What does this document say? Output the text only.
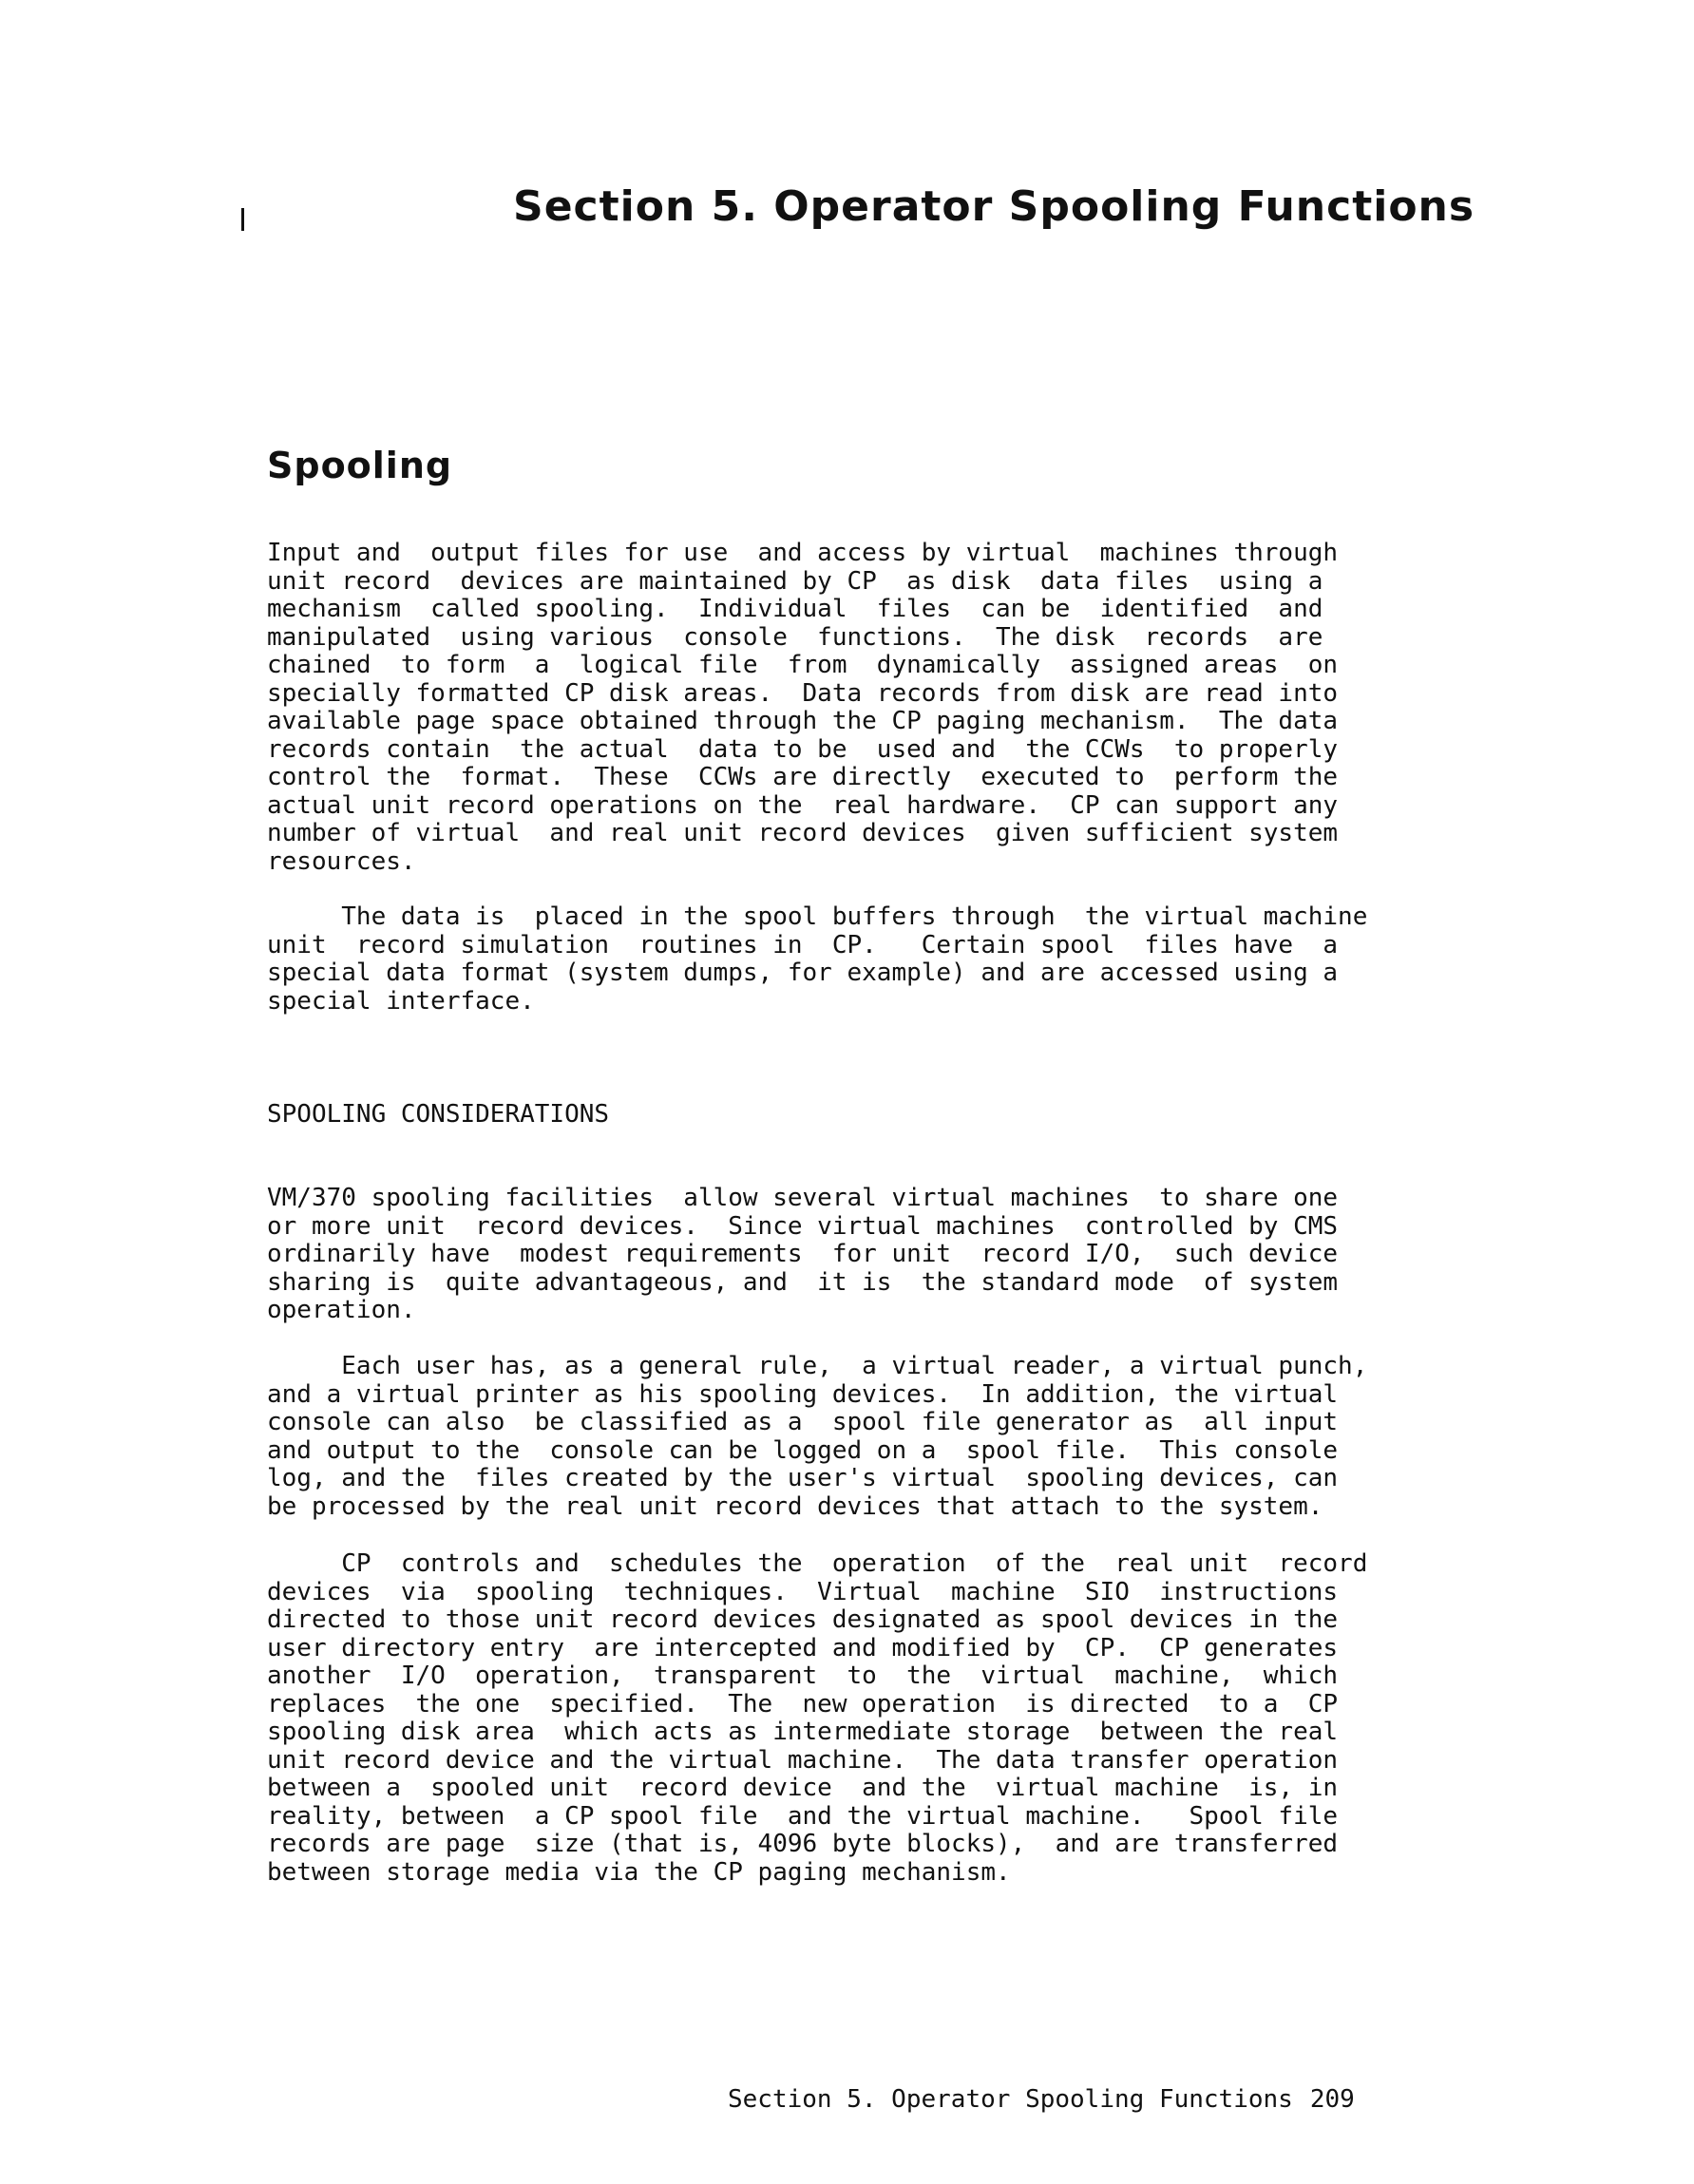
Section 5. Operator Spooling Functions
Spooling

Input and  output files for use  and access by virtual  machines through
unit record  devices are maintained by CP  as disk  data files  using a
mechanism  called spooling.  Individual  files  can be  identified  and
manipulated  using various  console  functions.  The disk  records  are
chained  to form  a  logical file  from  dynamically  assigned areas  on
specially formatted CP disk areas.  Data records from disk are read into
available page space obtained through the CP paging mechanism.  The data
records contain  the actual  data to be  used and  the CCWs  to properly
control the  format.  These  CCWs are directly  executed to  perform the
actual unit record operations on the  real hardware.  CP can support any
number of virtual  and real unit record devices  given sufficient system
resources.

The data is  placed in the spool buffers through  the virtual machine
unit  record simulation  routines in  CP.   Certain spool  files have  a
special data format (system dumps, for example) and are accessed using a
special interface.

SPOOLING CONSIDERATIONS

VM/370 spooling facilities  allow several virtual machines  to share one
or more unit  record devices.  Since virtual machines  controlled by CMS
ordinarily have  modest requirements  for unit  record I/O,  such device
sharing is  quite advantageous, and  it is  the standard mode  of system
operation.

Each user has, as a general rule,  a virtual reader, a virtual punch,
and a virtual printer as his spooling devices.  In addition, the virtual
console can also  be classified as a  spool file generator as  all input
and output to the  console can be logged on a  spool file.  This console
log, and the  files created by the user's virtual  spooling devices, can
be processed by the real unit record devices that attach to the system.

CP  controls and  schedules the  operation  of the  real unit  record
devices  via  spooling  techniques.  Virtual  machine  SIO  instructions
directed to those unit record devices designated as spool devices in the
user directory entry  are intercepted and modified by  CP.  CP generates
another  I/O  operation,  transparent  to  the  virtual  machine,  which
replaces  the one  specified.  The  new operation  is directed  to a  CP
spooling disk area  which acts as intermediate storage  between the real
unit record device and the virtual machine.  The data transfer operation
between a  spooled unit  record device  and the  virtual machine  is, in
reality, between  a CP spool file  and the virtual machine.   Spool file
records are page  size (that is, 4096 byte blocks),  and are transferred
between storage media via the CP paging mechanism.

Section 5. Operator Spooling Functions 209
